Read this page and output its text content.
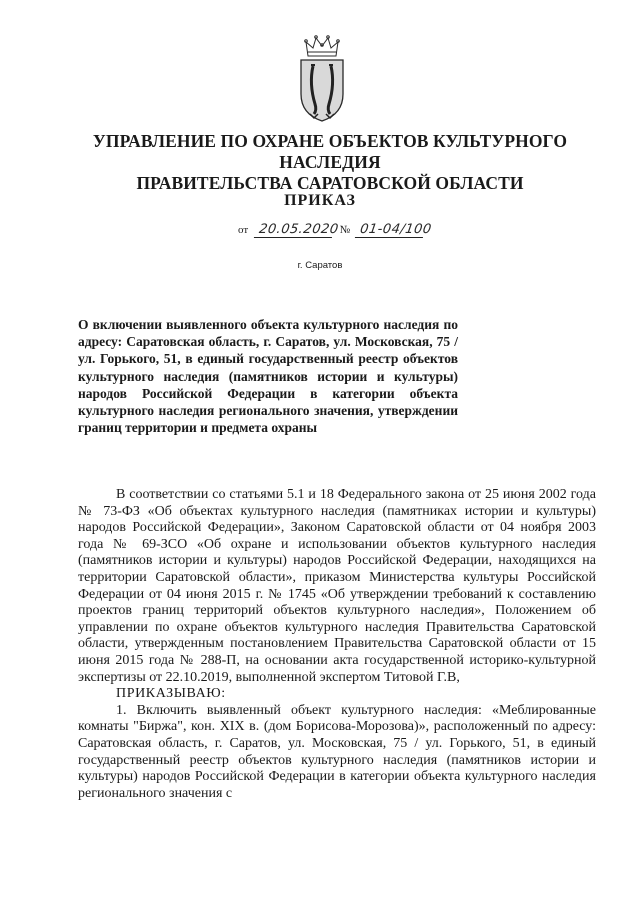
УПРАВЛЕНИЕ ПО ОХРАНЕ ОБЪЕКТОВ КУЛЬТУРНОГО НАСЛЕДИЯ
ПРАВИТЕЛЬСТВА САРАТОВСКОЙ ОБЛАСТИ
ПРИКАЗ
от 20.05.2020 № 01-04/100
г. Саратов
О включении выявленного объекта культурного наследия по адресу: Саратовская область, г. Саратов, ул. Московская, 75 / ул. Горького, 51, в единый государственный реестр объектов культурного наследия (памятников истории и культуры) народов Российской Федерации в категории объекта культурного наследия регионального значения, утверждении границ территории и предмета охраны

В соответствии со статьями 5.1 и 18 Федерального закона от 25 июня 2002 года № 73-ФЗ «Об объектах культурного наследия (памятниках истории и культуры) народов Российской Федерации», Законом Саратовской области от 04 ноября 2003 года № 69-ЗСО «Об охране и использовании объектов культурного наследия (памятников истории и культуры) народов Российской Федерации, находящихся на территории Саратовской области», приказом Министерства культуры Российской Федерации от 04 июня 2015 г. № 1745 «Об утверждении требований к составлению проектов границ территорий объектов культурного наследия», Положением об управлении по охране объектов культурного наследия Правительства Саратовской области, утвержденным постановлением Правительства Саратовской области от 15 июня 2015 года № 288-П, на основании акта государственной историко-культурной экспертизы от 22.10.2019, выполненной экспертом Титовой Г.В,

ПРИКАЗЫВАЮ:

1. Включить выявленный объект культурного наследия: «Меблированные комнаты "Биржа", кон. XIX в. (дом Борисова-Морозова)», расположенный по адресу: Саратовская область, г. Саратов, ул. Московская, 75 / ул. Горького, 51, в единый государственный реестр объектов культурного наследия (памятников истории и культуры) народов Российской Федерации в категории объекта культурного наследия регионального значения с
